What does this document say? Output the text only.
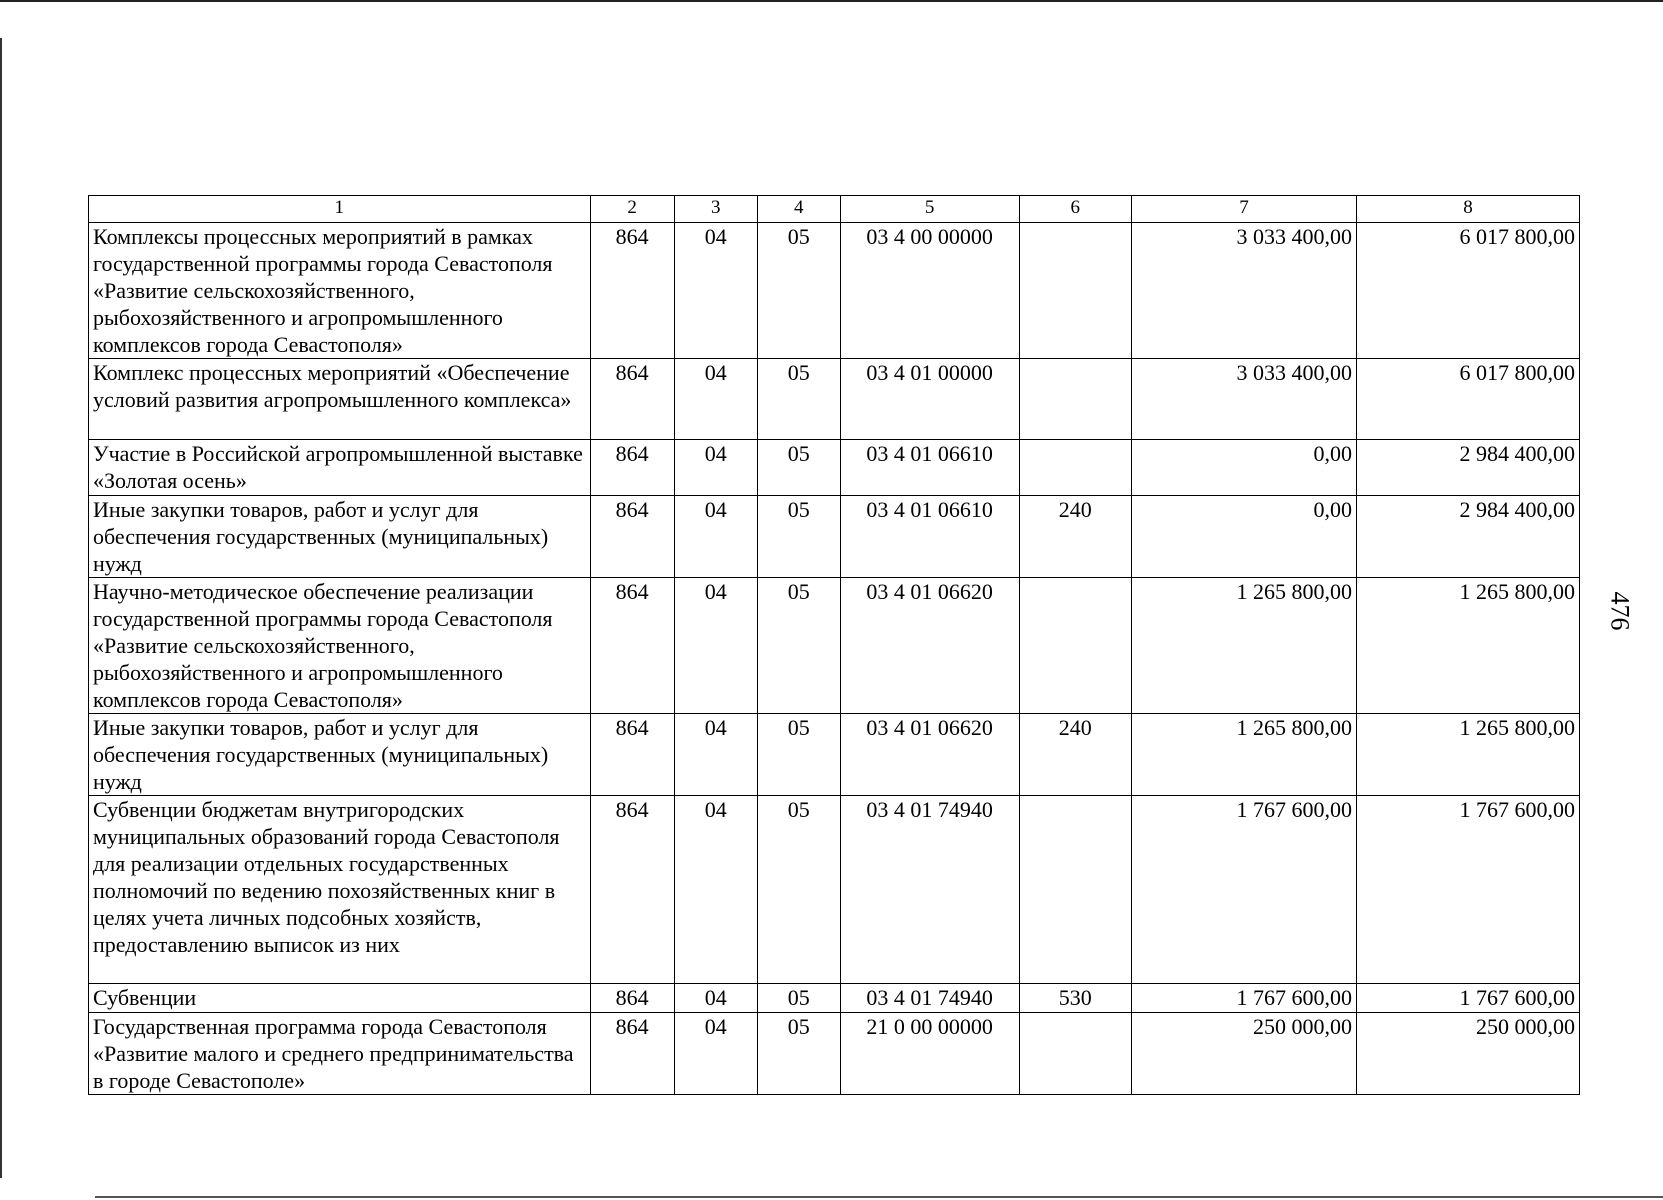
1	2	3	4	5	6	7	8
Комплексы процессных мероприятий в рамках государственной программы города Севастополя «Развитие сельскохозяйственного, рыбохозяйственного и агропромышленного комплексов города Севастополя»	864	04	05	03 4 00 00000		3 033 400,00	6 017 800,00
Комплекс процессных мероприятий «Обеспечение условий развития агропромышленного комплекса»	864	04	05	03 4 01 00000		3 033 400,00	6 017 800,00
Участие в Российской агропромышленной выставке «Золотая осень»	864	04	05	03 4 01 06610		0,00	2 984 400,00
Иные закупки товаров, работ и услуг для обеспечения государственных (муниципальных) нужд	864	04	05	03 4 01 06610	240	0,00	2 984 400,00
Научно-методическое обеспечение реализации государственной программы города Севастополя «Развитие сельскохозяйственного, рыбохозяйственного и агропромышленного комплексов города Севастополя»	864	04	05	03 4 01 06620		1 265 800,00	1 265 800,00
Иные закупки товаров, работ и услуг для обеспечения государственных (муниципальных) нужд	864	04	05	03 4 01 06620	240	1 265 800,00	1 265 800,00
Субвенции бюджетам внутригородских муниципальных образований города Севастополя для реализации отдельных государственных полномочий по ведению похозяйственных книг в целях учета личных подсобных хозяйств, предоставлению выписок из них	864	04	05	03 4 01 74940		1 767 600,00	1 767 600,00
Субвенции	864	04	05	03 4 01 74940	530	1 767 600,00	1 767 600,00
Государственная программа города Севастополя «Развитие малого и среднего предпринимательства в городе Севастополе»	864	04	05	21 0 00 00000		250 000,00	250 000,00
476
